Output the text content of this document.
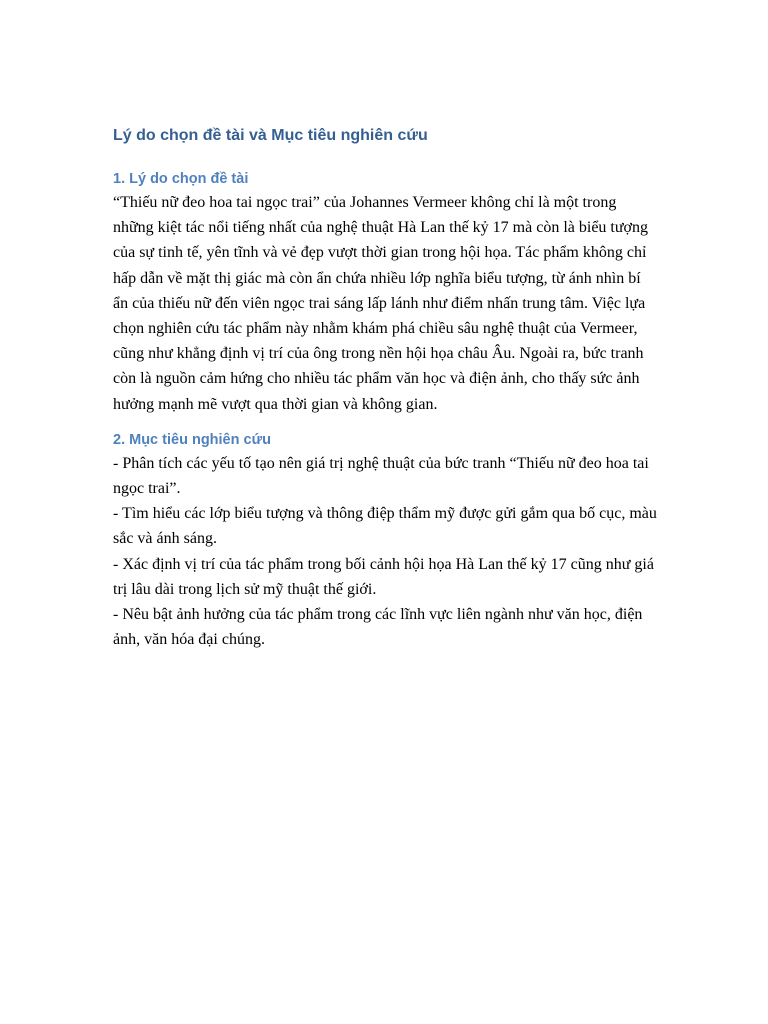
Lý do chọn đề tài và Mục tiêu nghiên cứu
1. Lý do chọn đề tài

“Thiếu nữ đeo hoa tai ngọc trai” của Johannes Vermeer không chỉ là một trong những kiệt tác nổi tiếng nhất của nghệ thuật Hà Lan thế kỷ 17 mà còn là biểu tượng của sự tinh tế, yên tĩnh và vẻ đẹp vượt thời gian trong hội họa. Tác phẩm không chỉ hấp dẫn về mặt thị giác mà còn ẩn chứa nhiều lớp nghĩa biểu tượng, từ ánh nhìn bí ẩn của thiếu nữ đến viên ngọc trai sáng lấp lánh như điểm nhấn trung tâm. Việc lựa chọn nghiên cứu tác phẩm này nhằm khám phá chiều sâu nghệ thuật của Vermeer, cũng như khẳng định vị trí của ông trong nền hội họa châu Âu. Ngoài ra, bức tranh còn là nguồn cảm hứng cho nhiều tác phẩm văn học và điện ảnh, cho thấy sức ảnh hưởng mạnh mẽ vượt qua thời gian và không gian.

2. Mục tiêu nghiên cứu

- Phân tích các yếu tố tạo nên giá trị nghệ thuật của bức tranh “Thiếu nữ đeo hoa tai ngọc trai”.

- Tìm hiểu các lớp biểu tượng và thông điệp thẩm mỹ được gửi gắm qua bố cục, màu sắc và ánh sáng.

- Xác định vị trí của tác phẩm trong bối cảnh hội họa Hà Lan thế kỷ 17 cũng như giá trị lâu dài trong lịch sử mỹ thuật thế giới.

- Nêu bật ảnh hưởng của tác phẩm trong các lĩnh vực liên ngành như văn học, điện ảnh, văn hóa đại chúng.
